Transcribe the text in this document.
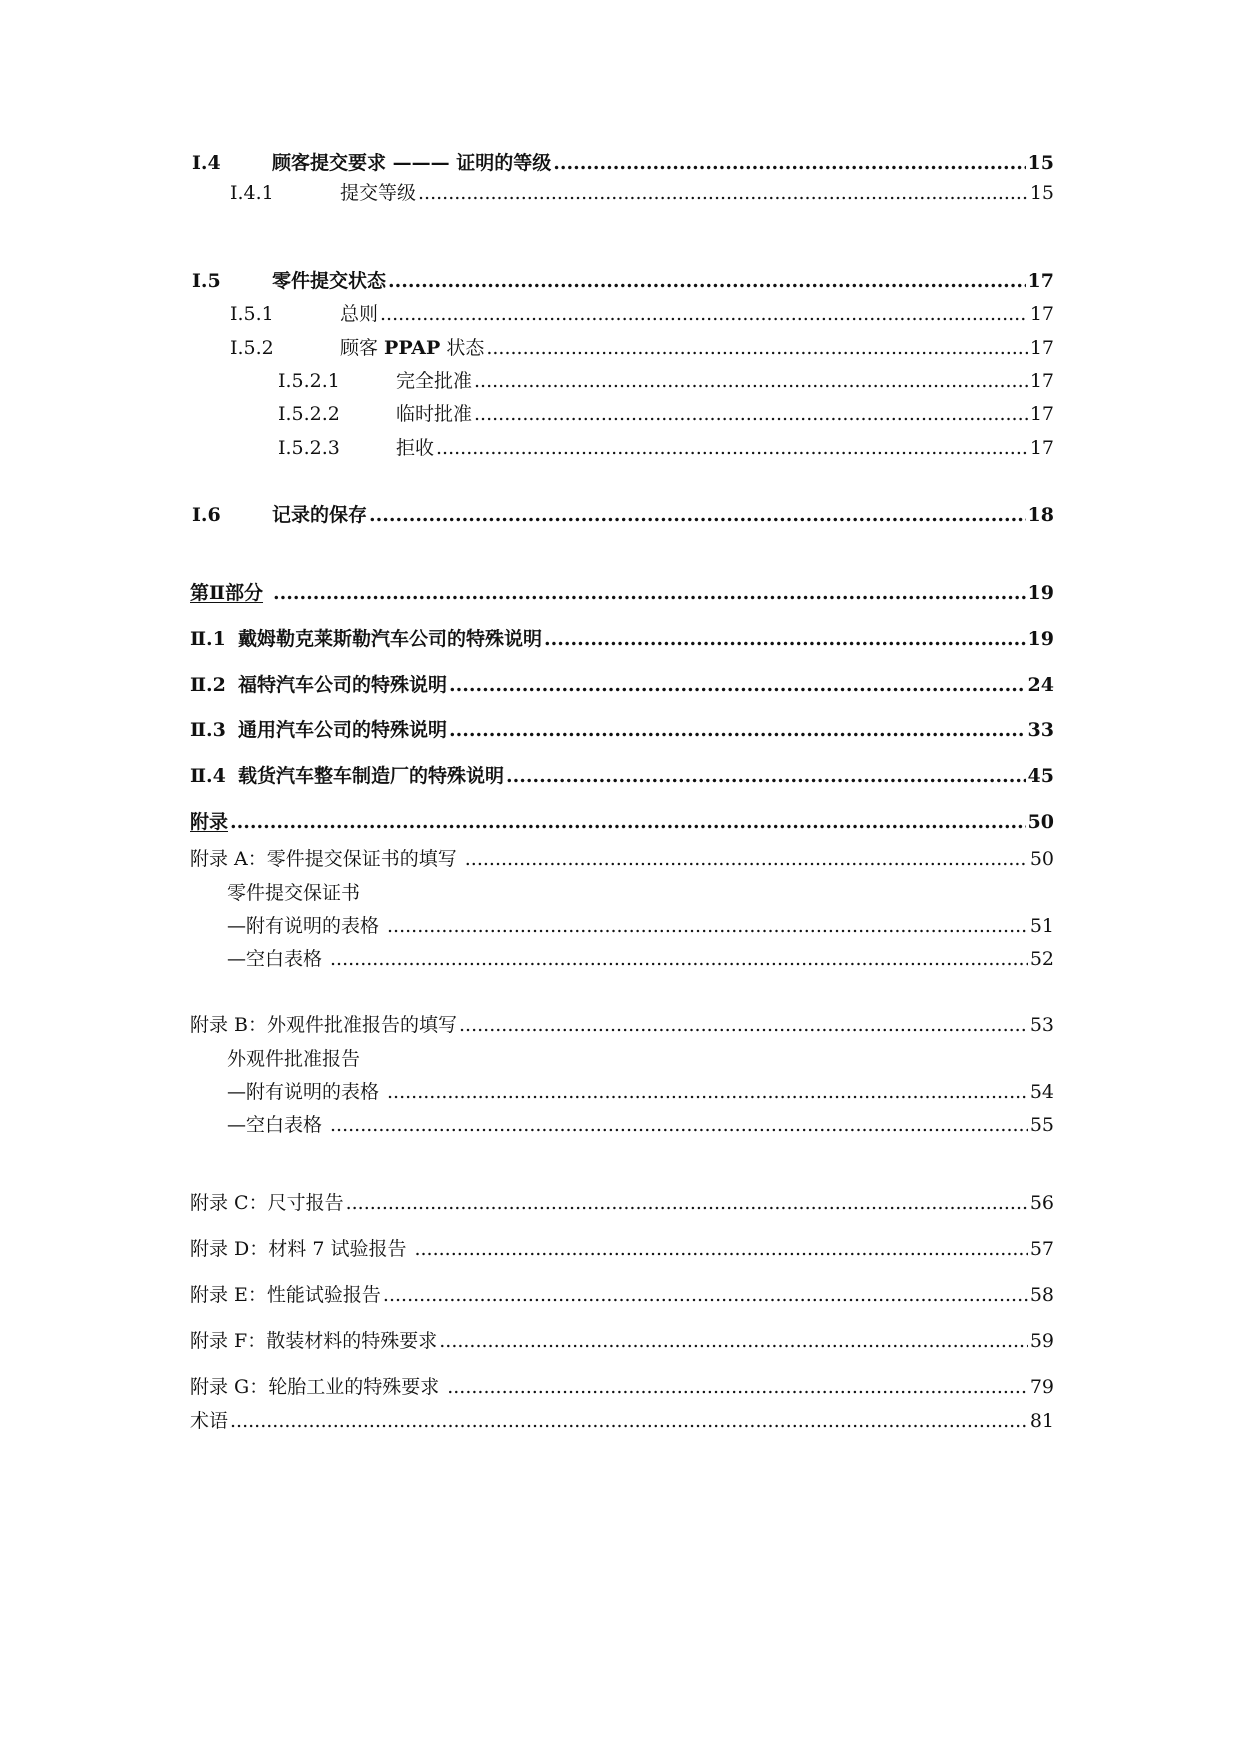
Ⅰ.4	顾客提交要求 ——— 证明的等级 .....	15
Ⅰ.4.1	提交等级 .....	15
Ⅰ.5	零件提交状态 .....	17
Ⅰ.5.1	总则 .....	17
Ⅰ.5.2	顾客 PPAP 状态 .....	17
Ⅰ.5.2.1	完全批准 .....	17
Ⅰ.5.2.2	临时批准 .....	17
Ⅰ.5.2.3	拒收 .....	17
Ⅰ.6	记录的保存 .....	18
第Ⅱ部分 .....	19
Ⅱ.1 戴姆勒克莱斯勒汽车公司的特殊说明 .....	19
Ⅱ.2 福特汽车公司的特殊说明 .....	24
Ⅱ.3 通用汽车公司的特殊说明 .....	33
Ⅱ.4 载货汽车整车制造厂的特殊说明 .....	45
附录 .....	50
附录 A：零件提交保证书的填写 .....	50
零件提交保证书
—附有说明的表格 .....	51
—空白表格 .....	52
附录 B：外观件批准报告的填写 .....	53
外观件批准报告
—附有说明的表格 .....	54
—空白表格 .....	55
附录 C：尺寸报告 .....	56
附录 D：材料 7 试验报告 .....	57
附录 E：性能试验报告 .....	58
附录 F：散装材料的特殊要求 .....	59
附录 G：轮胎工业的特殊要求 .....	79
术语 .....	81
